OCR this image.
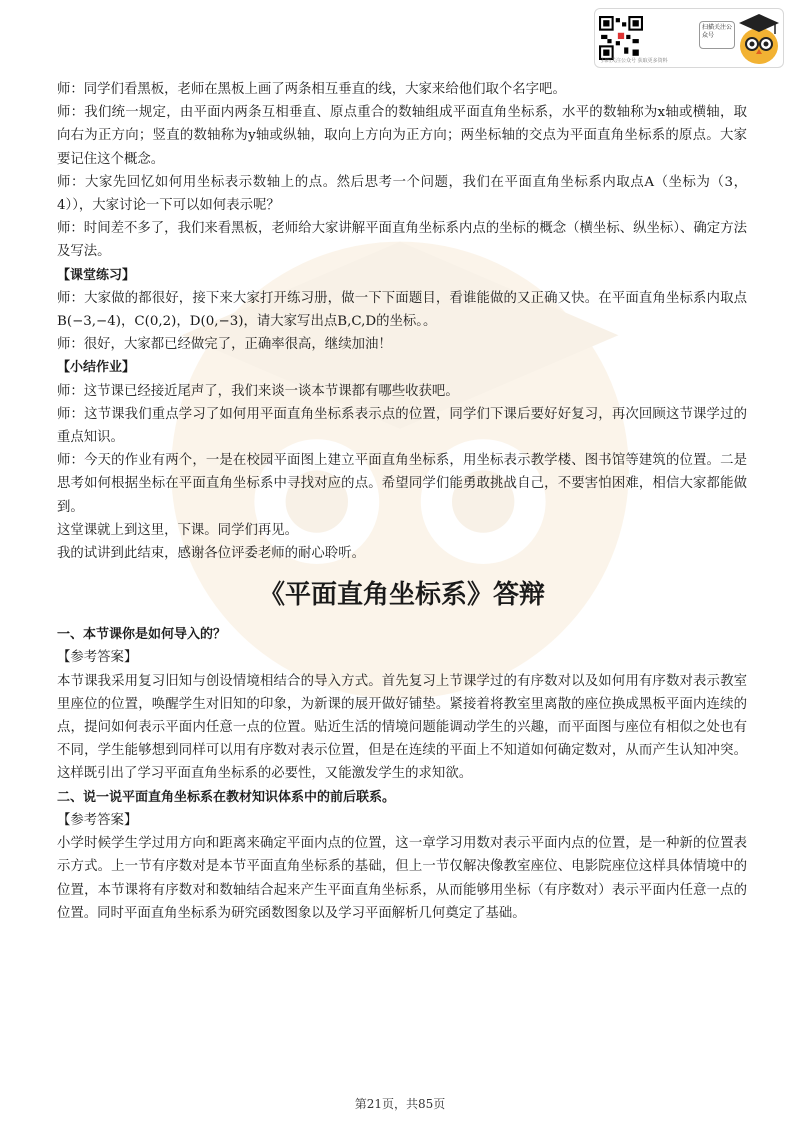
扫码关注公众号 获取更多资料
扫描关注公众号

师：同学们看黑板，老师在黑板上画了两条相互垂直的线，大家来给他们取个名字吧。

师：我们统一规定，由平面内两条互相垂直、原点重合的数轴组成平面直角坐标系，水平的数轴称为x轴或横轴，取向右为正方向；竖直的数轴称为y轴或纵轴，取向上方向为正方向；两坐标轴的交点为平面直角坐标系的原点。大家要记住这个概念。

师：大家先回忆如何用坐标表示数轴上的点。然后思考一个问题，我们在平面直角坐标系内取点A（坐标为（3，4）），大家讨论一下可以如何表示呢？

师：时间差不多了，我们来看黑板，老师给大家讲解平面直角坐标系内点的坐标的概念（横坐标、纵坐标）、确定方法及写法。

【课堂练习】

师：大家做的都很好，接下来大家打开练习册，做一下下面题目，看谁能做的又正确又快。在平面直角坐标系内取点B(−3,−4)，C(0,2)，D(0,−3)，请大家写出点B,C,D的坐标。。

师：很好，大家都已经做完了，正确率很高，继续加油！

【小结作业】

师：这节课已经接近尾声了，我们来谈一谈本节课都有哪些收获吧。

师：这节课我们重点学习了如何用平面直角坐标系表示点的位置，同学们下课后要好好复习，再次回顾这节课学过的重点知识。

师：今天的作业有两个，一是在校园平面图上建立平面直角坐标系，用坐标表示教学楼、图书馆等建筑的位置。二是思考如何根据坐标在平面直角坐标系中寻找对应的点。希望同学们能勇敢挑战自己，不要害怕困难，相信大家都能做到。

这堂课就上到这里，下课。同学们再见。

我的试讲到此结束，感谢各位评委老师的耐心聆听。

《平面直角坐标系》答辩

一、本节课你是如何导入的？

【参考答案】

本节课我采用复习旧知与创设情境相结合的导入方式。首先复习上节课学过的有序数对以及如何用有序数对表示教室里座位的位置，唤醒学生对旧知的印象，为新课的展开做好铺垫。紧接着将教室里离散的座位换成黑板平面内连续的点，提问如何表示平面内任意一点的位置。贴近生活的情境问题能调动学生的兴趣，而平面图与座位有相似之处也有不同，学生能够想到同样可以用有序数对表示位置，但是在连续的平面上不知道如何确定数对，从而产生认知冲突。这样既引出了学习平面直角坐标系的必要性，又能激发学生的求知欲。

二、说一说平面直角坐标系在教材知识体系中的前后联系。

【参考答案】

小学时候学生学过用方向和距离来确定平面内点的位置，这一章学习用数对表示平面内点的位置，是一种新的位置表示方式。上一节有序数对是本节平面直角坐标系的基础，但上一节仅解决像教室座位、电影院座位这样具体情境中的位置，本节课将有序数对和数轴结合起来产生平面直角坐标系，从而能够用坐标（有序数对）表示平面内任意一点的位置。同时平面直角坐标系为研究函数图象以及学习平面解析几何奠定了基础。

第21页，共85页
